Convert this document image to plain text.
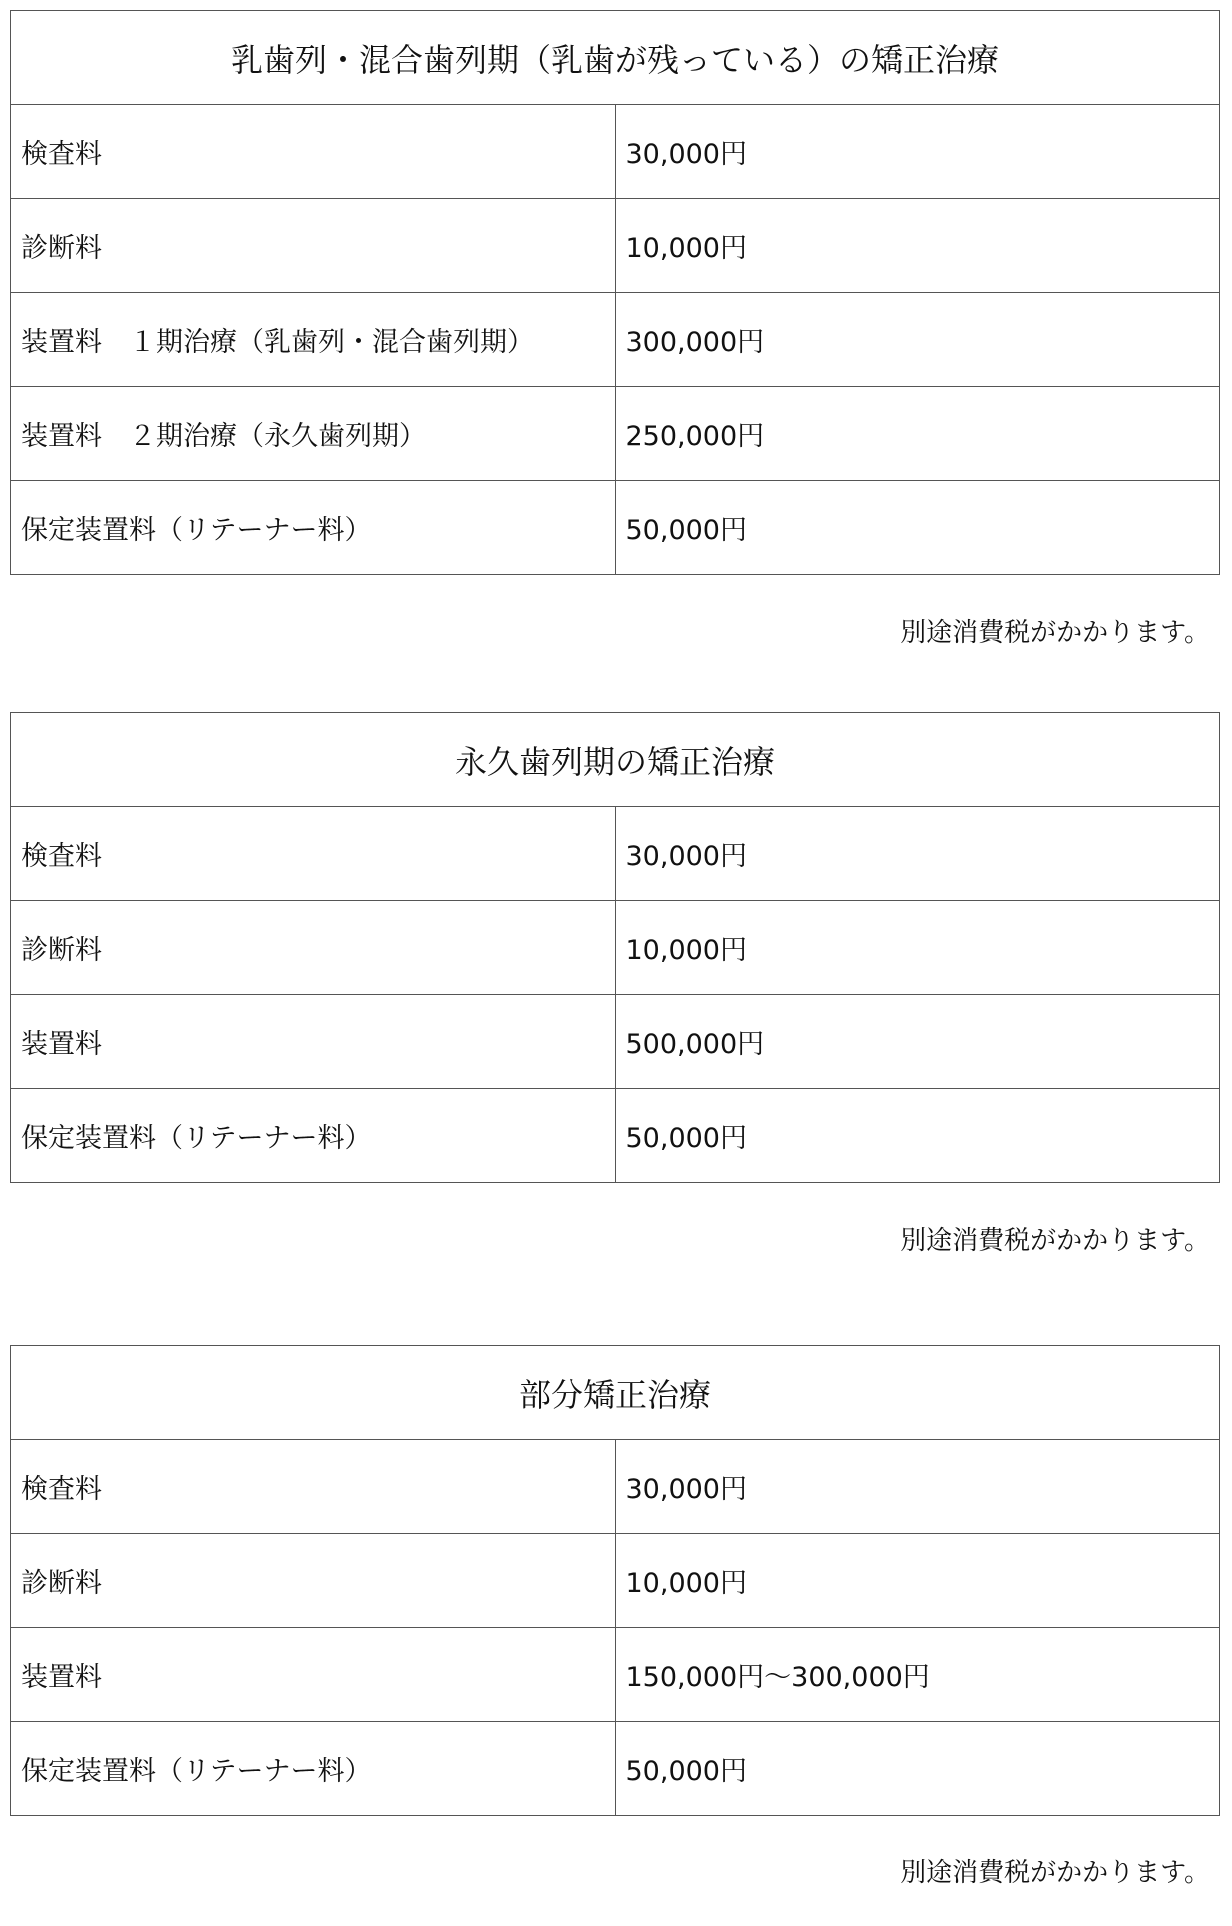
乳歯列・混合歯列期（乳歯が残っている）の矯正治療	
検査料	30,000円
診断料	10,000円
装置料　１期治療（乳歯列・混合歯列期）	300,000円
装置料　２期治療（永久歯列期）	250,000円
保定装置料（リテーナー料）	50,000円
別途消費税がかかります。
永久歯列期の矯正治療	
検査料	30,000円
診断料	10,000円
装置料	500,000円
保定装置料（リテーナー料）	50,000円
別途消費税がかかります。
部分矯正治療	
検査料	30,000円
診断料	10,000円
装置料	150,000円〜300,000円
保定装置料（リテーナー料）	50,000円
別途消費税がかかります。
